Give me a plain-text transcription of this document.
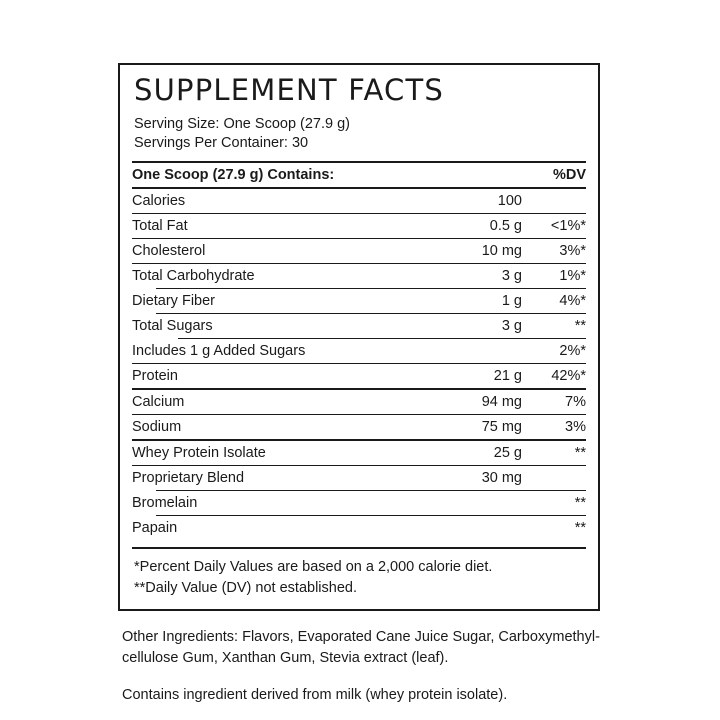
SUPPLEMENT FACTS
Serving Size: One Scoop (27.9 g)
Servings Per Container: 30
One Scoop (27.9 g) Contains:		%DV
Calories	100	
Total Fat	0.5 g	<1%*
Cholesterol	10 mg	3%*
Total Carbohydrate	3 g	1%*
Dietary Fiber	1 g	4%*
Total Sugars	3 g	**
Includes 1 g Added Sugars		2%*
Protein	21 g	42%*
Calcium	94 mg	7%
Sodium	75 mg	3%
Whey Protein Isolate	25 g	**
Proprietary Blend	30 mg	
Bromelain		**
Papain		**
*Percent Daily Values are based on a 2,000 calorie diet.
**Daily Value (DV) not established.

Other Ingredients: Flavors, Evaporated Cane Juice Sugar, Carboxymethyl-cellulose Gum, Xanthan Gum, Stevia extract (leaf).

Contains ingredient derived from milk (whey protein isolate).
